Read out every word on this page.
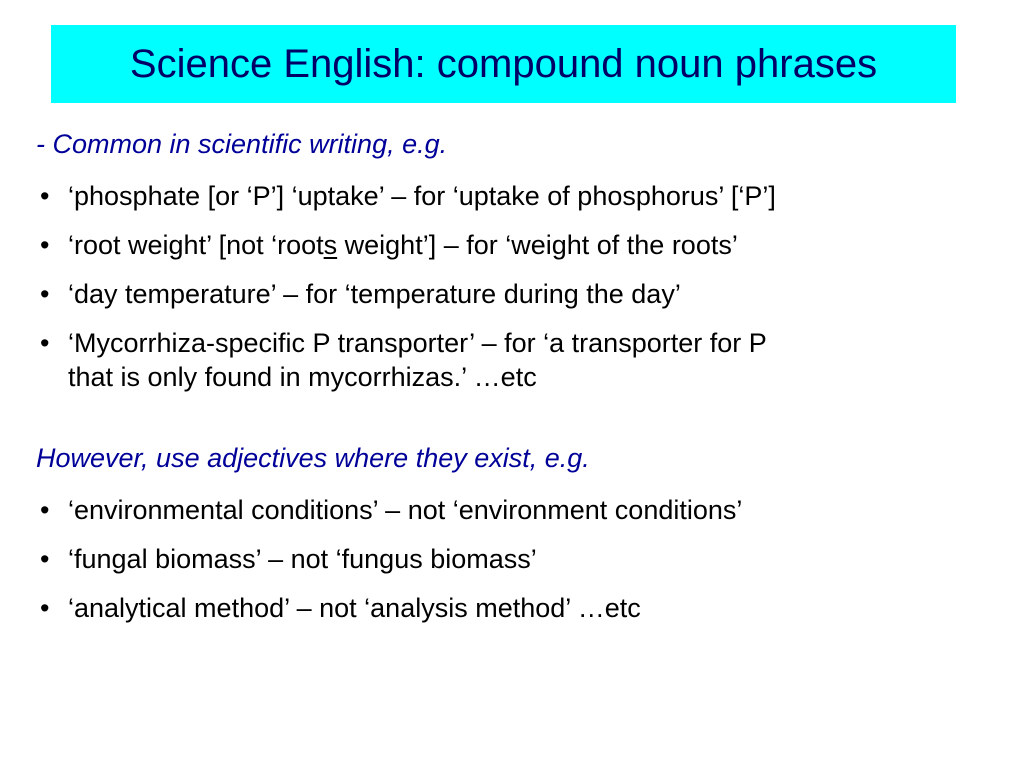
Science English: compound noun phrases

- Common in scientific writing, e.g.

• ‘phosphate [or ‘P’] ‘uptake’ – for ‘uptake of phosphorus’ [‘P’]
• ‘root weight’ [not ‘roots weight’] – for ‘weight of the roots’
• ‘day temperature’ – for ‘temperature during the day’
• ‘Mycorrhiza-specific P transporter’ – for ‘a transporter for P
that is only found in mycorrhizas.’ …etc

However, use adjectives where they exist, e.g.

• ‘environmental conditions’ – not ‘environment conditions’
• ‘fungal biomass’ – not ‘fungus biomass’
• ‘analytical method’ – not ‘analysis method’ …etc
